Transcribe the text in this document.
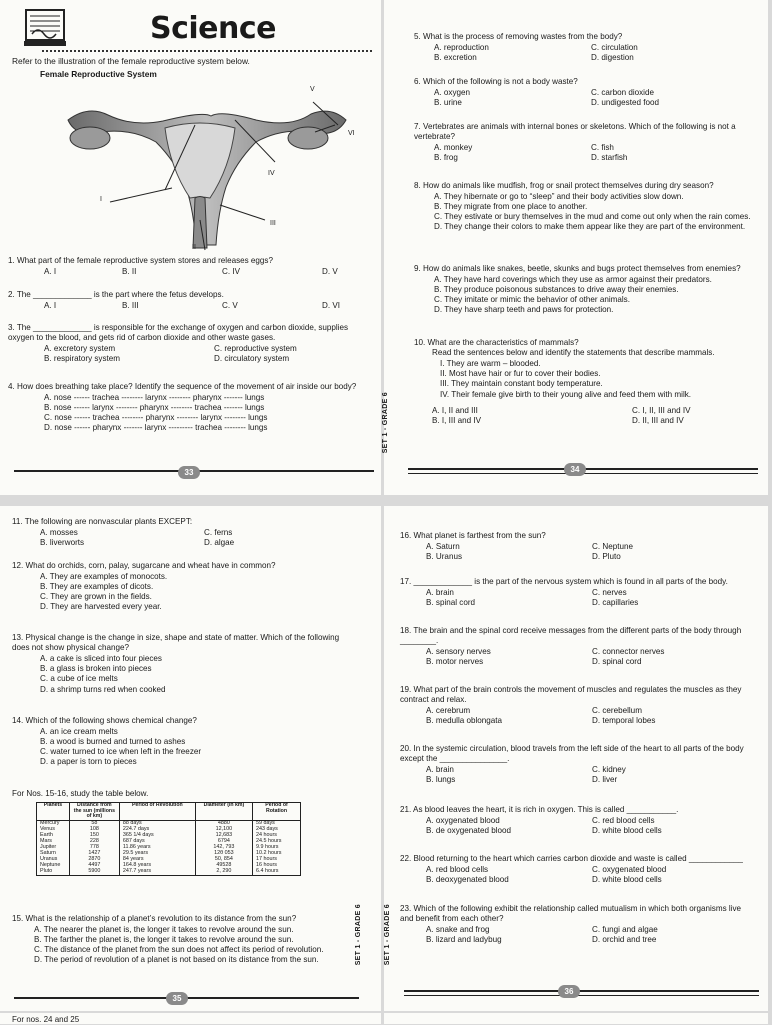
Science
Refer to the illustration of the female reproductive system below.
Female Reproductive System
V
VI
IV
I
III
II
1. What part of the female reproductive system stores and releases eggs?
A. I	B. II	C. IV	D. V
2. The _____________ is the part where the fetus develops.
A. I	B. III	C. V	D. VI
3. The _____________ is responsible for the exchange of oxygen and carbon dioxide, supplies oxygen to the blood, and gets rid of carbon dioxide and other waste gases.
A. excretory system	C. reproductive system
B. respiratory system	D. circulatory system
4. How does breathing take place? Identify the sequence of the movement of air inside our body?
A. nose ------ trachea -------- larynx -------- pharynx ------- lungs
B. nose ------ larynx -------- pharynx -------- trachea ------- lungs
C. nose ------ trachea -------- pharynx -------- larynx -------- lungs
D. nose ------ pharynx ------- larynx --------- trachea -------- lungs
33
SET 1 - GRADE 6
5. What is the process of removing wastes from the body?
A. reproduction	C. circulation
B. excretion	D. digestion
6. Which of the following is not a body waste?
A. oxygen	C. carbon dioxide
B. urine	D. undigested food
7. Vertebrates are animals with internal bones or skeletons. Which of the following is not a vertebrate?
A. monkey	C. fish
B. frog	D. starfish
8. How do animals like mudfish, frog or snail protect themselves during dry season?
A. They hibernate or go to “sleep” and their body activities slow down.
B. They migrate from one place to another.
C. They estivate or bury themselves in the mud and come out only when the rain comes.
D. They change their colors to make them appear like they are part of the environment.
9. How do animals like snakes, beetle, skunks and bugs protect themselves from enemies?
A. They have hard coverings which they use as armor against their predators.
B. They produce poisonous substances to drive away their enemies.
C. They imitate or mimic the behavior of other animals.
D. They have sharp teeth and paws for protection.
10. What are the characteristics of mammals?
Read the sentences below and identify the statements that describe mammals.
I. They are warm – blooded.
II. Most have hair or fur to cover their bodies.
III. They maintain constant body temperature.
IV. Their female give birth to their young alive and feed them with milk.
A. I, II and III	C. I, II, III and IV
B. I, III and IV	D. II, III and IV
34
SET 1 - GRADE 6
11. The following are nonvascular plants EXCEPT:
A. mosses	C. ferns
B. liverworts	D. algae
12. What do orchids, corn, palay, sugarcane and wheat have in common?
A. They are examples of monocots.
B. They are examples of dicots.
C. They are grown in the fields.
D. They are harvested every year.
13. Physical change is the change in size, shape and state of matter. Which of the following does not show physical change?
A. a cake is sliced into four pieces
B. a glass is broken into pieces
C. a cube of ice melts
D. a shrimp turns red when cooked
14. Which of the following shows chemical change?
A. an ice cream melts
B. a wood is burned and turned to ashes
C. water turned to ice when left in the freezer
D. a paper is torn to pieces
For Nos. 15-16, study the table below.
Planets	Distance from the sun (millions of km)	Period of Revolution	Diameter (in km)	Period of Rotation
Mercury	58	88 days	4880	59 days
Venus	108	224.7 days	12,100	243 days
Earth	150	365 1/4 days	12,683	24 hours
Mars	228	687 days	6794	24.5 hours
Jupiter	778	11.86 years	142, 793	9.9 hours
Saturn	1427	29.5 years	12θ 053	10.2 hours
Uranus	2870	84 years	50, 854	17 hours
Neptune	4497	164.8 years	49528	16 hours
Pluto	5900	247.7 years	2, 290	6.4 hours
15. What is the relationship of a planet’s revolution to its distance from the sun?
A. The nearer the planet is, the longer it takes to revolve around the sun.
B. The farther the planet is, the longer it takes to revolve around the sun.
C. The distance of the planet from the sun does not affect its period of revolution.
D. The period of revolution of a planet is not based on its distance from the sun.
35
SET 1 - GRADE 6
16. What planet is farthest from the sun?
A. Saturn	C. Neptune
B. Uranus	D. Pluto
17. _____________ is the part of the nervous system which is found in all parts of the body.
A. brain	C. nerves
B. spinal cord	D. capillaries
18. The brain and the spinal cord receive messages from the different parts of the body through ________.
A. sensory nerves	C. connector nerves
B. motor nerves	D. spinal cord
19. What part of the brain controls the movement of muscles and regulates the muscles as they contract and relax.
A. cerebrum	C. cerebellum
B. medulla oblongata	D. temporal lobes
20. In the systemic circulation, blood travels from the left side of the heart to all parts of the body except the _______________.
A. brain	C. kidney
B. lungs	D. liver
21. As blood leaves the heart, it is rich in oxygen. This is called ___________.
A. oxygenated blood	C. red blood cells
B. de oxygenated blood	D. white blood cells
22. Blood returning to the heart which carries carbon dioxide and waste is called ____________
A. red blood cells	C. oxygenated blood
B. deoxygenated blood	D. white blood cells
23. Which of the following exhibit the relationship called mutualism in which both organisms live and benefit from each other?
A. snake and frog	C. fungi and algae
B. lizard and ladybug	D. orchid and tree
36
For nos. 24 and 25
